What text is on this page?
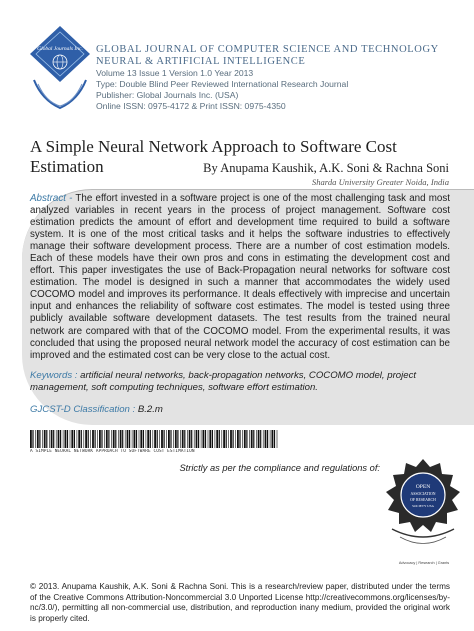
Global Journals Inc. GLOBAL JOURNAL OF COMPUTER SCIENCE AND TECHNOLOGY
NEURAL & ARTIFICIAL INTELLIGENCE
Volume 13 Issue 1 Version 1.0 Year 2013
Type: Double Blind Peer Reviewed International Research Journal
Publisher: Global Journals Inc. (USA)
Online ISSN: 0975-4172 & Print ISSN: 0975-4350
A Simple Neural Network Approach to Software Cost Estimation	By Anupama Kaushik, A.K. Soni & Rachna Soni
Sharda University Greater Noida, India
Abstract - The effort invested in a software project is one of the most challenging task and most analyzed variables in recent years in the process of project management. Software cost estimation predicts the amount of effort and development time required to build a software system. It is one of the most critical tasks and it helps the software industries to effectively manage their software development process. There are a number of cost estimation models. Each of these models have their own pros and cons in estimating the development cost and effort. This paper investigates the use of Back-Propagation neural networks for software cost estimation. The model is designed in such a manner that accommodates the widely used COCOMO model and improves its performance. It deals effectively with imprecise and uncertain input and enhances the reliability of software cost estimates. The model is tested using three publicly available software development datasets. The test results from the trained neural network are compared with that of the COCOMO model. From the experimental results, it was concluded that using the proposed neural network model the accuracy of cost estimation can be improved and the estimated cost can be very close to the actual cost.
Keywords : artificial neural networks, back-propagation networks, COCOMO model, project management, soft computing techniques, software effort estimation.
GJCST-D Classification : B.2.m
A SIMPLE NEURAL NETWORK APPROACH TO SOFTWARE COST ESTIMATION
Strictly as per the compliance and regulations of:
OPEN
ASSOCIATION
OF RESEARCH
SOCIETY USA
Advocacy | Research | Grants
© 2013. Anupama Kaushik, A.K. Soni & Rachna Soni. This is a research/review paper, distributed under the terms of the Creative Commons Attribution-Noncommercial 3.0 Unported License http://creativecommons.org/licenses/by-nc/3.0/), permitting all non-commercial use, distribution, and reproduction inany medium, provided the original work is properly cited.
